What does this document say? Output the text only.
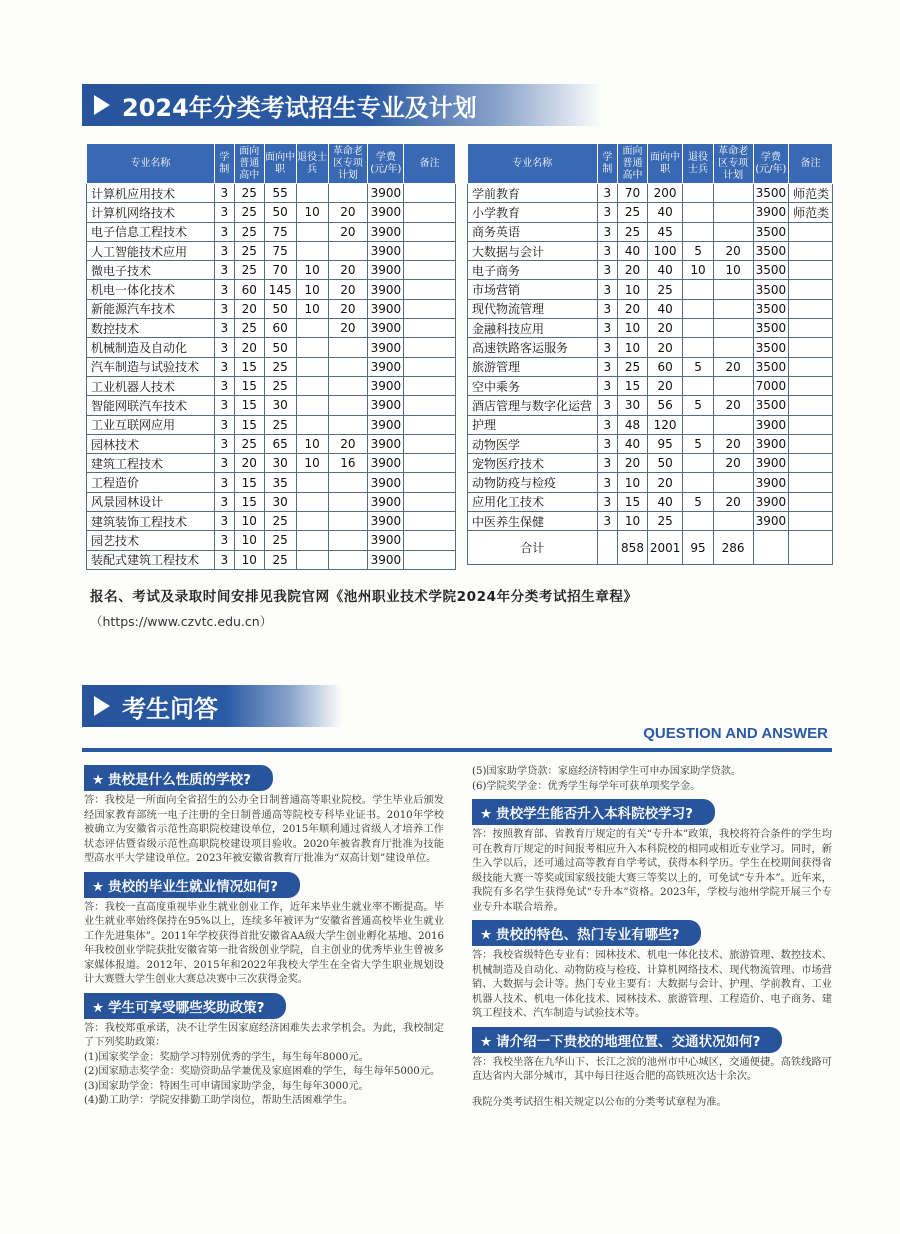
2024年分类考试招生专业及计划
专业名称	学制	面向普通高中	面向中职	退役士兵	革命老区专项计划	学费(元/年)	备注
计算机应用技术	3	25	55			3900	
计算机网络技术	3	25	50	10	20	3900	
电子信息工程技术	3	25	75		20	3900	
人工智能技术应用	3	25	75			3900	
微电子技术	3	25	70	10	20	3900	
机电一体化技术	3	60	145	10	20	3900	
新能源汽车技术	3	20	50	10	20	3900	
数控技术	3	25	60		20	3900	
机械制造及自动化	3	20	50			3900	
汽车制造与试验技术	3	15	25			3900	
工业机器人技术	3	15	25			3900	
智能网联汽车技术	3	15	30			3900	
工业互联网应用	3	15	25			3900	
园林技术	3	25	65	10	20	3900	
建筑工程技术	3	20	30	10	16	3900	
工程造价	3	15	35			3900	
风景园林设计	3	15	30			3900	
建筑装饰工程技术	3	10	25			3900	
园艺技术	3	10	25			3900	
装配式建筑工程技术	3	10	25			3900	
专业名称	学制	面向普通高中	面向中职	退役士兵	革命老区专项计划	学费(元/年)	备注
学前教育	3	70	200			3500	师范类
小学教育	3	25	40			3900	师范类
商务英语	3	25	45			3500	
大数据与会计	3	40	100	5	20	3500	
电子商务	3	20	40	10	10	3500	
市场营销	3	10	25			3500	
现代物流管理	3	20	40			3500	
金融科技应用	3	10	20			3500	
高速铁路客运服务	3	10	20			3500	
旅游管理	3	25	60	5	20	3500	
空中乘务	3	15	20			7000	
酒店管理与数字化运营	3	30	56	5	20	3500	
护理	3	48	120			3900	
动物医学	3	40	95	5	20	3900	
宠物医疗技术	3	20	50		20	3900	
动物防疫与检疫	3	10	20			3900	
应用化工技术	3	15	40	5	20	3900	
中医养生保健	3	10	25			3900	
合计		858	2001	95	286		
报名、考试及录取时间安排见我院官网《池州职业技术学院2024年分类考试招生章程》
（https://www.czvtc.edu.cn）
考生问答
QUESTION AND ANSWER
★ 贵校是什么性质的学校?
答：我校是一所面向全省招生的公办全日制普通高等职业院校。学生毕业后颁发经国家教育部统一电子注册的全日制普通高等院校专科毕业证书。2010年学校被确立为安徽省示范性高职院校建设单位，2015年顺利通过省级人才培养工作状态评估暨省级示范性高职院校建设项目验收。2020年被省教育厅批准为技能型高水平大学建设单位。2023年被安徽省教育厅批准为“双高计划”建设单位。
★ 贵校的毕业生就业情况如何?
答：我校一直高度重视毕业生就业创业工作，近年来毕业生就业率不断提高。毕业生就业率始终保持在95%以上，连续多年被评为“安徽省普通高校毕业生就业工作先进集体”。2011年学校获得首批安徽省AA级大学生创业孵化基地、2016年我校创业学院获批安徽省第一批省级创业学院，自主创业的优秀毕业生曾被多家媒体报道。2012年、2015年和2022年我校大学生在全省大学生职业规划设计大赛暨大学生创业大赛总决赛中三次获得金奖。
★ 学生可享受哪些奖助政策?

答：我校郑重承诺，决不让学生因家庭经济困难失去求学机会。为此，我校制定了下列奖助政策：

(1)国家奖学金：奖励学习特别优秀的学生，每生每年8000元。

(2)国家励志奖学金：奖励资助品学兼优及家庭困难的学生，每生每年5000元。

(3)国家助学金：特困生可申请国家助学金，每生每年3000元。

(4)勤工助学：学院安排勤工助学岗位，帮助生活困难学生。

(5)国家助学贷款：家庭经济特困学生可申办国家助学贷款。

(6)学院奖学金：优秀学生每学年可获单项奖学金。

★ 贵校学生能否升入本科院校学习?
答：按照教育部、省教育厅规定的有关“专升本”政策，我校将符合条件的学生均可在教育厅规定的时间报考相应升入本科院校的相同或相近专业学习。同时，新生入学以后，还可通过高等教育自学考试，获得本科学历。学生在校期间获得省级技能大赛一等奖或国家级技能大赛三等奖以上的，可免试“专升本”。近年来，我院有多名学生获得免试“专升本”资格。2023年，学校与池州学院开展三个专业专升本联合培养。
★ 贵校的特色、热门专业有哪些?
答：我校省级特色专业有：园林技术、机电一体化技术、旅游管理、数控技术、机械制造及自动化、动物防疫与检疫、计算机网络技术、现代物流管理、市场营销、大数据与会计等。热门专业主要有：大数据与会计、护理、学前教育、工业机器人技术、机电一体化技术、园林技术、旅游管理、工程造价、电子商务、建筑工程技术、汽车制造与试验技术等。
★ 请介绍一下贵校的地理位置、交通状况如何?
答：我校坐落在九华山下、长江之滨的池州市中心城区，交通便捷。高铁线路可直达省内大部分城市，其中每日往返合肥的高铁班次达十余次。
我院分类考试招生相关规定以公布的分类考试章程为准。
